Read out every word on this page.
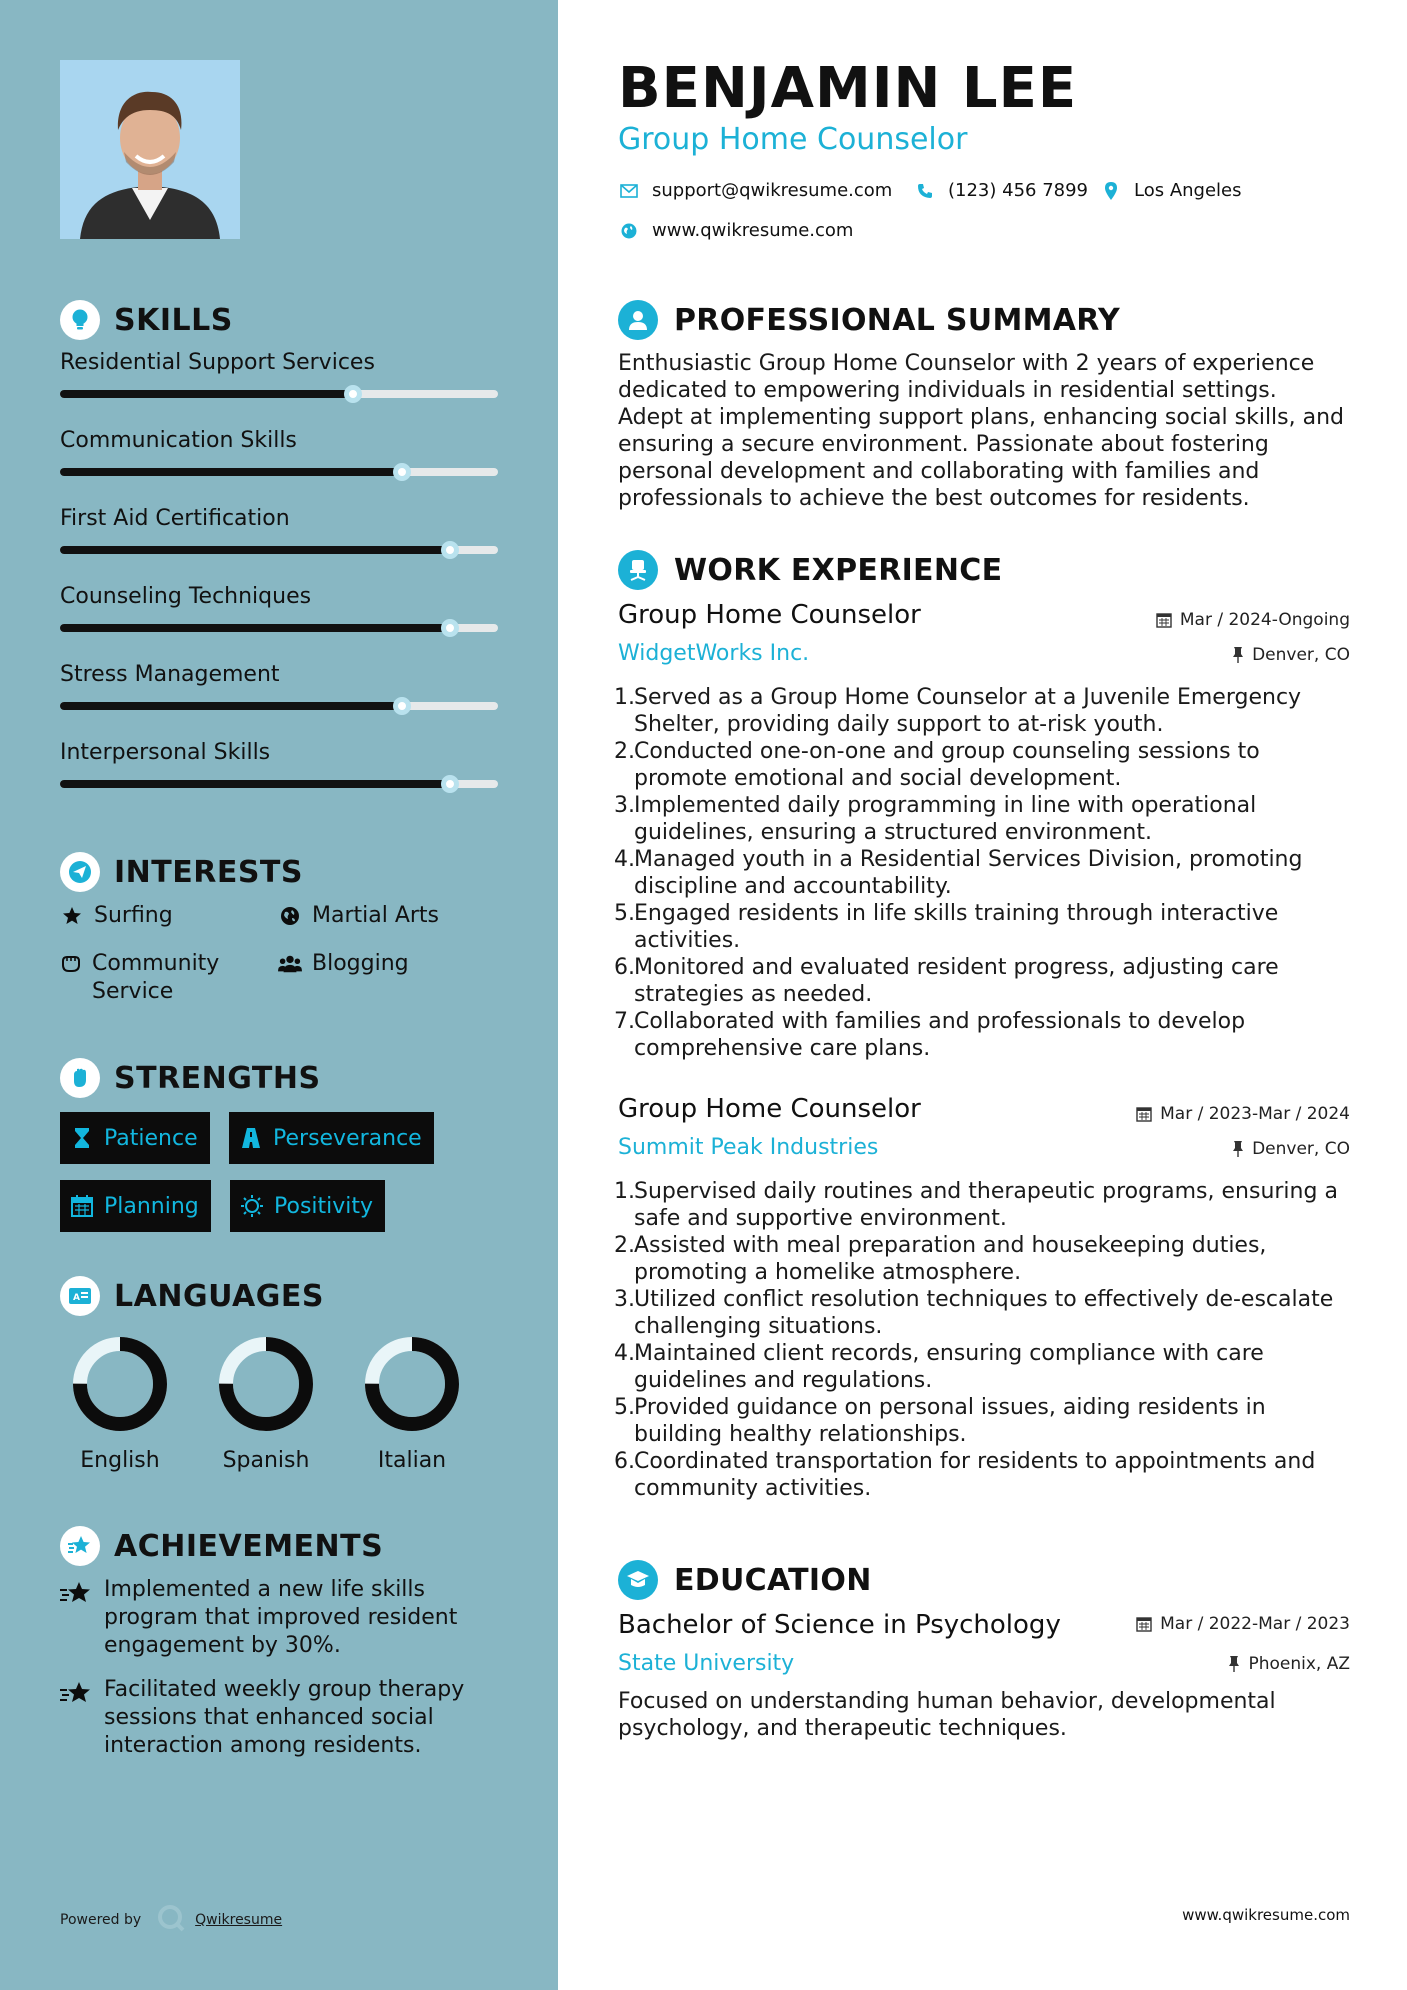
SKILLS
Residential Support Services
Communication Skills
First Aid Certification
Counseling Techniques
Stress Management
Interpersonal Skills
INTERESTS
Surfing	Martial Arts
Community Service
Blogging
STRENGTHS
Patience	Perseverance
Planning	Positivity
A LANGUAGES
English	Spanish	Italian
ACHIEVEMENTS
Implemented a new life skills program that improved resident engagement by 30%.
Facilitated weekly group therapy sessions that enhanced social interaction among residents.
Powered by	Qwikresume
BENJAMIN LEE
Group Home Counselor
support@qwikresume.com	(123) 456 7899	Los Angeles
www.qwikresume.com
PROFESSIONAL SUMMARY
Enthusiastic Group Home Counselor with 2 years of experience dedicated to empowering individuals in residential settings. Adept at implementing support plans, enhancing social skills, and ensuring a secure environment. Passionate about fostering personal development and collaborating with families and professionals to achieve the best outcomes for residents.
WORK EXPERIENCE
Group Home Counselor	Mar / 2024-Ongoing
WidgetWorks Inc.	Denver, CO
1. Served as a Group Home Counselor at a Juvenile Emergency Shelter, providing daily support to at-risk youth.
2. Conducted one-on-one and group counseling sessions to promote emotional and social development.
3. Implemented daily programming in line with operational guidelines, ensuring a structured environment.
4. Managed youth in a Residential Services Division, promoting discipline and accountability.
5. Engaged residents in life skills training through interactive activities.
6. Monitored and evaluated resident progress, adjusting care strategies as needed.
7. Collaborated with families and professionals to develop comprehensive care plans.
Group Home Counselor	Mar / 2023-Mar / 2024
Summit Peak Industries	Denver, CO
1. Supervised daily routines and therapeutic programs, ensuring a safe and supportive environment.
2. Assisted with meal preparation and housekeeping duties, promoting a homelike atmosphere.
3. Utilized conflict resolution techniques to effectively de-escalate challenging situations.
4. Maintained client records, ensuring compliance with care guidelines and regulations.
5. Provided guidance on personal issues, aiding residents in building healthy relationships.
6. Coordinated transportation for residents to appointments and community activities.
EDUCATION
Bachelor of Science in Psychology	Mar / 2022-Mar / 2023
State University	Phoenix, AZ
Focused on understanding human behavior, developmental psychology, and therapeutic techniques.
www.qwikresume.com
